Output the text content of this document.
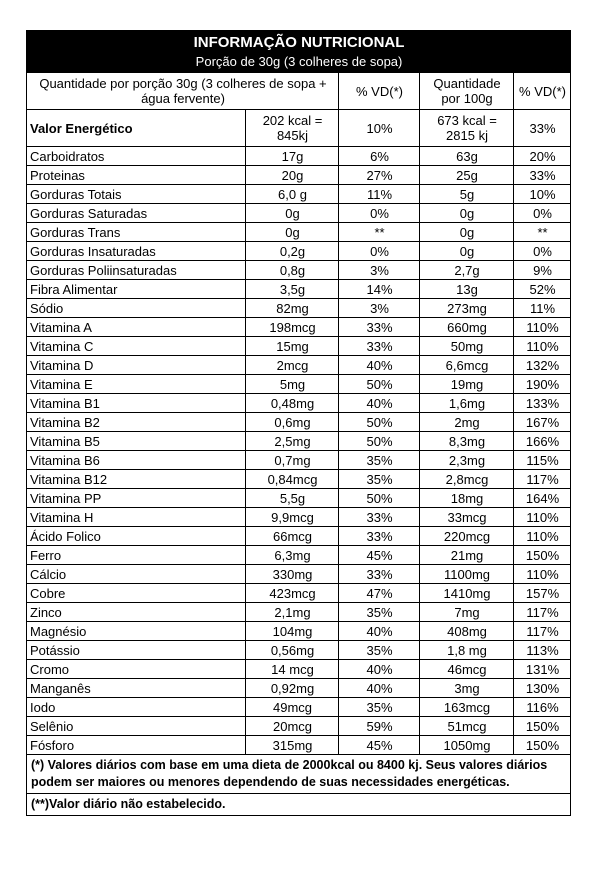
INFORMAÇÃO NUTRICIONAL				
Porção de 30g (3 colheres de sopa)				
Quantidade por porção 30g (3 colheres de sopa + água fervente)		% VD(*)	Quantidade por 100g	% VD(*)
Valor Energético	202 kcal = 845kj	10%	673 kcal = 2815 kj	33%
Carboidratos	17g	6%	63g	20%
Proteinas	20g	27%	25g	33%
Gorduras Totais	6,0 g	11%	5g	10%
Gorduras Saturadas	0g	0%	0g	0%
Gorduras Trans	0g	**	0g	**
Gorduras Insaturadas	0,2g	0%	0g	0%
Gorduras Poliinsaturadas	0,8g	3%	2,7g	9%
Fibra Alimentar	3,5g	14%	13g	52%
Sódio	82mg	3%	273mg	11%
Vitamina A	198mcg	33%	660mg	110%
Vitamina C	15mg	33%	50mg	110%
Vitamina D	2mcg	40%	6,6mcg	132%
Vitamina E	5mg	50%	19mg	190%
Vitamina B1	0,48mg	40%	1,6mg	133%
Vitamina B2	0,6mg	50%	2mg	167%
Vitamina B5	2,5mg	50%	8,3mg	166%
Vitamina B6	0,7mg	35%	2,3mg	115%
Vitamina B12	0,84mcg	35%	2,8mcg	117%
Vitamina PP	5,5g	50%	18mg	164%
Vitamina H	9,9mcg	33%	33mcg	110%
Ácido Folico	66mcg	33%	220mcg	110%
Ferro	6,3mg	45%	21mg	150%
Cálcio	330mg	33%	1100mg	110%
Cobre	423mcg	47%	1410mg	157%
Zinco	2,1mg	35%	7mg	117%
Magnésio	104mg	40%	408mg	117%
Potássio	0,56mg	35%	1,8 mg	113%
Cromo	14 mcg	40%	46mcg	131%
Manganês	0,92mg	40%	3mg	130%
Iodo	49mcg	35%	163mcg	116%
Selênio	20mcg	59%	51mcg	150%
Fósforo	315mg	45%	1050mg	150%
(*) Valores diários com base em uma dieta de 2000kcal ou 8400 kj. Seus valores diários podem ser maiores ou menores dependendo de suas necessidades energéticas.				
(**)Valor diário não estabelecido.				
